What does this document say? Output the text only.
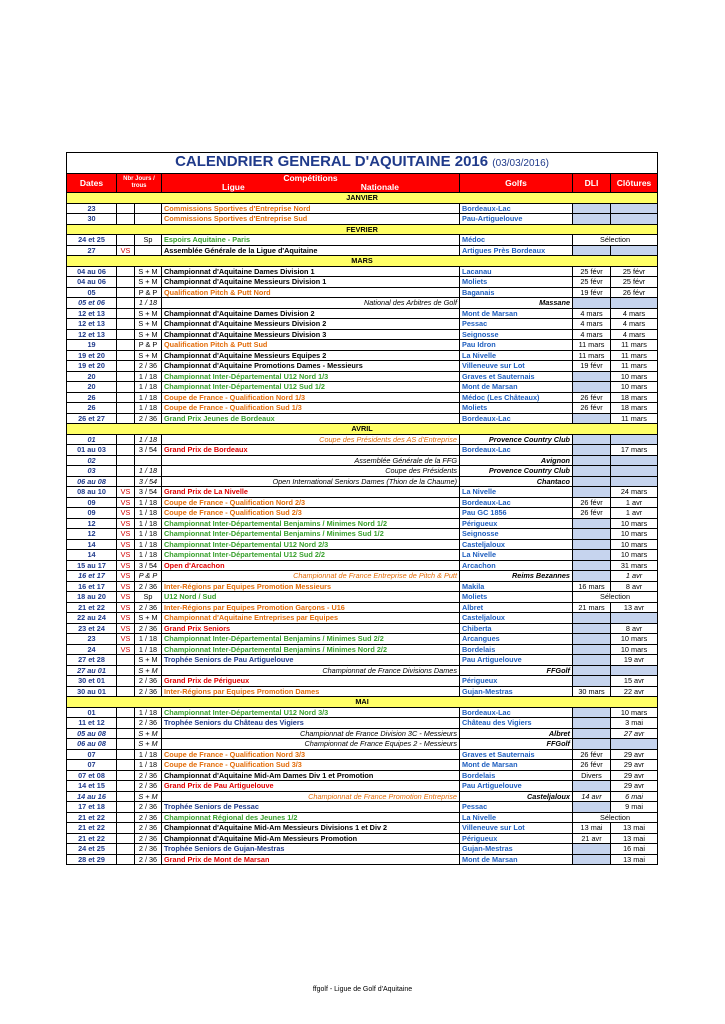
CALENDRIER GENERAL D'AQUITAINE 2016 (03/03/2016)						
Dates	Nbr Jours / trous		Compétitions
Ligue Nationale	Golfs	DLI	Clôtures
JANVIER						
23			Commissions Sportives d'Entreprise Nord	Bordeaux-Lac		
30			Commissions Sportives d'Entreprise Sud	Pau-Artiguelouve		
FEVRIER						
24 et 25		Sp	Espoirs Aquitaine - Paris	Médoc	Sélection	
27	VS		Assemblée Générale de la Ligue d'Aquitaine	Artigues Près Bordeaux		
MARS						
04 au 06		S + M	Championnat d'Aquitaine Dames Division 1	Lacanau	25 févr	25 févr
04 au 06		S + M	Championnat d'Aquitaine Messieurs Division 1	Moliets	25 févr	25 févr
05		P & P	Qualification Pitch & Putt Nord	Baganais	19 févr	26 févr
05 et 06		1 / 18	National des Arbitres de Golf	Massane		
12 et 13		S + M	Championnat d'Aquitaine Dames Division 2	Mont de Marsan	4 mars	4 mars
12 et 13		S + M	Championnat d'Aquitaine Messieurs Division 2	Pessac	4 mars	4 mars
12 et 13		S + M	Championnat d'Aquitaine Messieurs Division 3	Seignosse	4 mars	4 mars
19		P & P	Qualification Pitch & Putt Sud	Pau Idron	11 mars	11 mars
19 et 20		S + M	Championnat d'Aquitaine Messieurs Equipes 2	La Nivelle	11 mars	11 mars
19 et 20		2 / 36	Championnat d'Aquitaine Promotions Dames - Messieurs	Villeneuve sur Lot	19 févr	11 mars
20		1 / 18	Championnat Inter-Départemental U12 Nord 1/3	Graves et Sauternais		10 mars
20		1 / 18	Championnat Inter-Départemental U12 Sud 1/2	Mont de Marsan		10 mars
26		1 / 18	Coupe de France - Qualification Nord 1/3	Médoc (Les Châteaux)	26 févr	18 mars
26		1 / 18	Coupe de France - Qualification Sud 1/3	Moliets	26 févr	18 mars
26 et 27		2 / 36	Grand Prix Jeunes de Bordeaux	Bordeaux-Lac		11 mars
AVRIL						
01		1 / 18	Coupe des Présidents des AS d'Entreprise	Provence Country Club		
01 au 03		3 / 54	Grand Prix de Bordeaux	Bordeaux-Lac		17 mars
02			Assemblée Générale de la FFG	Avignon		
03		1 / 18	Coupe des Présidents	Provence Country Club		
06 au 08		3 / 54	Open International Seniors Dames (Thion de la Chaume)	Chantaco		
08 au 10	VS	3 / 54	Grand Prix de La Nivelle	La Nivelle		24 mars
09	VS	1 / 18	Coupe de France - Qualification Nord 2/3	Bordeaux-Lac	26 févr	1 avr
09	VS	1 / 18	Coupe de France - Qualification Sud 2/3	Pau GC 1856	26 févr	1 avr
12	VS	1 / 18	Championnat Inter-Départemental Benjamins / Minimes Nord 1/2	Périgueux		10 mars
12	VS	1 / 18	Championnat Inter-Départemental Benjamins / Minimes Sud 1/2	Seignosse		10 mars
14	VS	1 / 18	Championnat Inter-Départemental U12 Nord 2/3	Casteljaloux		10 mars
14	VS	1 / 18	Championnat Inter-Départemental U12 Sud 2/2	La Nivelle		10 mars
15 au 17	VS	3 / 54	Open d'Arcachon	Arcachon		31 mars
16 et 17	VS	P & P	Championnat de France Entreprise de Pitch & Putt	Reims Bezannes		1 avr
16 et 17	VS	2 / 36	Inter-Régions par Equipes Promotion Messieurs	Makila	16 mars	8 avr
18 au 20	VS	Sp	U12 Nord / Sud	Moliets	Sélection	
21 et 22	VS	2 / 36	Inter-Régions par Equipes Promotion Garçons - U16	Albret	21 mars	13 avr
22 au 24	VS	S + M	Championnat d'Aquitaine Entreprises par Equipes	Casteljaloux		
23 et 24	VS	2 / 36	Grand Prix Seniors	Chiberta		8 avr
23	VS	1 / 18	Championnat Inter-Départemental Benjamins / Minimes Sud 2/2	Arcangues		10 mars
24	VS	1 / 18	Championnat Inter-Départemental Benjamins / Minimes Nord 2/2	Bordelais		10 mars
27 et 28		S + M	Trophée Seniors de Pau Artiguelouve	Pau Artiguelouve		19 avr
27 au 01		S + M	Championnat de France Divisions Dames	FFGolf		
30 et 01		2 / 36	Grand Prix de Périgueux	Périgueux		15 avr
30 au 01		2 / 36	Inter-Régions par Equipes Promotion Dames	Gujan-Mestras	30 mars	22 avr
MAI						
01		1 / 18	Championnat Inter-Départemental U12 Nord 3/3	Bordeaux-Lac		10 mars
11 et 12		2 / 36	Trophée Seniors du Château des Vigiers	Château des Vigiers		3 mai
05 au 08		S + M	Championnat de France Division 3C - Messieurs	Albret		27 avr
06 au 08		S + M	Championnat de France Equipes 2 - Messieurs	FFGolf		
07		1 / 18	Coupe de France - Qualification Nord 3/3	Graves et Sauternais	26 févr	29 avr
07		1 / 18	Coupe de France - Qualification Sud 3/3	Mont de Marsan	26 févr	29 avr
07 et 08		2 / 36	Championnat d'Aquitaine Mid-Am Dames Div 1 et Promotion	Bordelais	Divers	29 avr
14 et 15		2 / 36	Grand Prix de Pau Artiguelouve	Pau Artiguelouve		29 avr
14 au 16		S + M	Championnat de France Promotion Entreprise	Casteljaloux	14 avr	6 mai
17 et 18		2 / 36	Trophée Seniors de Pessac	Pessac		9 mai
21 et 22		2 / 36	Championnat Régional des Jeunes 1/2	La Nivelle	Sélection	
21 et 22		2 / 36	Championnat d'Aquitaine Mid-Am Messieurs Divisions 1 et Div 2	Villeneuve sur Lot	13 mai	13 mai
21 et 22		2 / 36	Championnat d'Aquitaine Mid-Am Messieurs Promotion	Périgueux	21 avr	13 mai
24 et 25		2 / 36	Trophée Seniors de Gujan-Mestras	Gujan-Mestras		16 mai
28 et 29		2 / 36	Grand Prix de Mont de Marsan	Mont de Marsan		13 mai
ffgolf - Ligue de Golf d'Aquitaine
